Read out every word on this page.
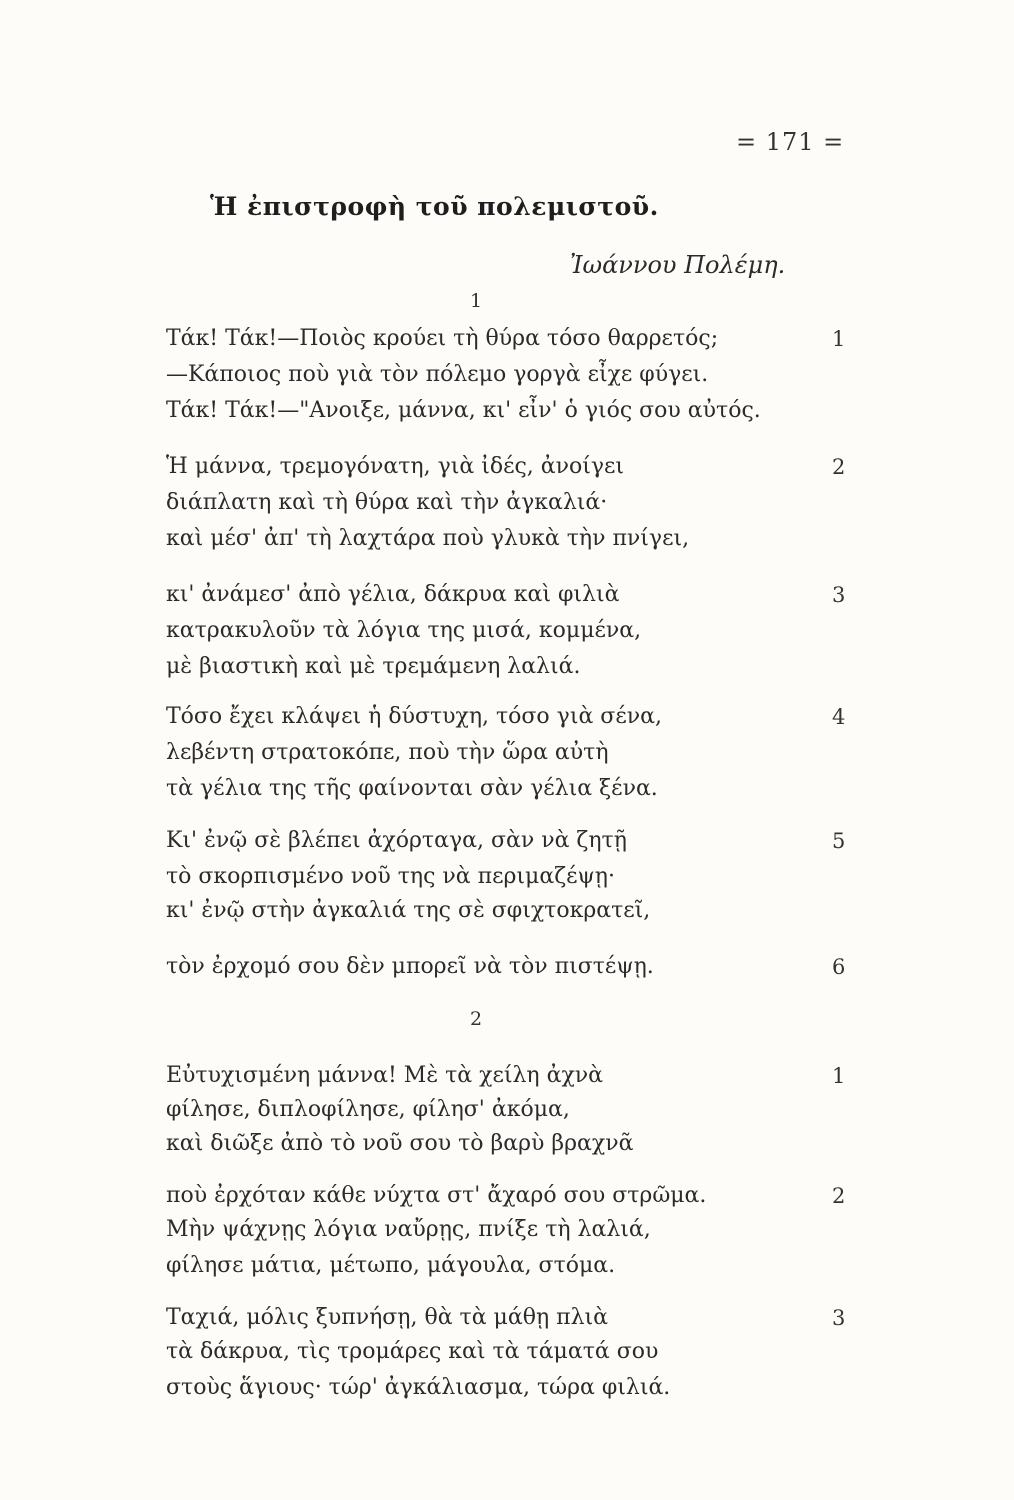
= 171 =
Ἡ ἐπιστροφὴ τοῦ πολεμιστοῦ.
Ἰωάννου Πολέμη.
1
Τάκ! Τάκ!—Ποιὸς κρούει τὴ θύρα τόσο θαρρετός;	1
—Κάποιος ποὺ γιὰ τὸν πόλεμο γοργὰ εἶχε φύγει.
Τάκ! Τάκ!—"Ανοιξε, μάννα, κι' εἶν' ὁ γιός σου αὐτός.
Ἡ μάννα, τρεμογόνατη, γιὰ ἰδές, ἀνοίγει	2
διάπλατη καὶ τὴ θύρα καὶ τὴν ἀγκαλιά·
καὶ μέσ' ἀπ' τὴ λαχτάρα ποὺ γλυκὰ τὴν πνίγει,
κι' ἀνάμεσ' ἀπὸ γέλια, δάκρυα καὶ φιλιὰ	3
κατρακυλοῦν τὰ λόγια της μισά, κομμένα,
μὲ βιαστικὴ καὶ μὲ τρεμάμενη λαλιά.
Τόσο ἔχει κλάψει ἡ δύστυχη, τόσο γιὰ σένα,	4
λεβέντη στρατοκόπε, ποὺ τὴν ὥρα αὐτὴ
τὰ γέλια της τῆς φαίνονται σὰν γέλια ξένα.
Κι' ἐνῷ σὲ βλέπει ἀχόρταγα, σὰν νὰ ζητῇ	5
τὸ σκορπισμένο νοῦ της νὰ περιμαζέψῃ·
κι' ἐνῷ στὴν ἀγκαλιά της σὲ σφιχτοκρατεῖ,
τὸν ἐρχομό σου δὲν μπορεῖ νὰ τὸν πιστέψῃ.	6
2
Εὐτυχισμένη μάννα! Μὲ τὰ χείλη ἀχνὰ	1
φίλησε, διπλοφίλησε, φίλησ' ἀκόμα,
καὶ διῶξε ἀπὸ τὸ νοῦ σου τὸ βαρὺ βραχνᾶ
ποὺ ἐρχόταν κάθε νύχτα στ' ἄχαρό σου στρῶμα.	2
Μὴν ψάχνῃς λόγια ναὔρῃς, πνίξε τὴ λαλιά,
φίλησε μάτια, μέτωπο, μάγουλα, στόμα.
Ταχιά, μόλις ξυπνήσῃ, θὰ τὰ μάθῃ πλιὰ	3
τὰ δάκρυα, τὶς τρομάρες καὶ τὰ τάματά σου
στοὺς ἅγιους· τώρ' ἀγκάλιασμα, τώρα φιλιά.
